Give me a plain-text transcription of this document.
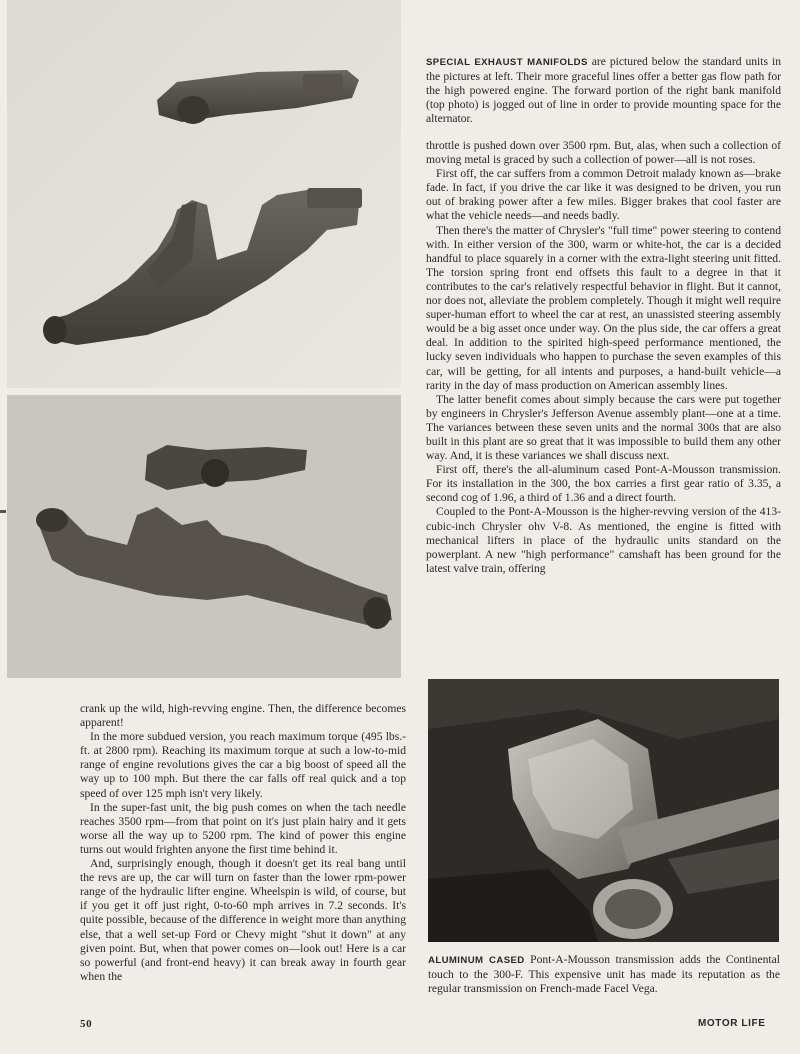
SPECIAL EXHAUST MANIFOLDS are pictured below the standard units in the pictures at left. Their more graceful lines offer a better gas flow path for the high powered engine. The forward portion of the right bank manifold (top photo) is jogged out of line in order to provide mounting space for the alternator.

throttle is pushed down over 3500 rpm. But, alas, when such a collection of moving metal is graced by such a collection of power—all is not roses.

First off, the car suffers from a common Detroit malady known as—brake fade. In fact, if you drive the car like it was designed to be driven, you run out of braking power after a few miles. Bigger brakes that cool faster are what the vehicle needs—and needs badly.

Then there's the matter of Chrysler's "full time" power steering to contend with. In either version of the 300, warm or white-hot, the car is a decided handful to place squarely in a corner with the extra-light steering unit fitted. The torsion spring front end offsets this fault to a degree in that it contributes to the car's relatively respectful behavior in flight. But it cannot, nor does not, alleviate the problem completely. Though it might well require super-human effort to wheel the car at rest, an unassisted steering assembly would be a big asset once under way. On the plus side, the car offers a great deal. In addition to the spirited high-speed performance mentioned, the lucky seven individuals who happen to purchase the seven examples of this car, will be getting, for all intents and purposes, a hand-built vehicle—a rarity in the day of mass production on American assembly lines.

The latter benefit comes about simply because the cars were put together by engineers in Chrysler's Jefferson Avenue assembly plant—one at a time. The variances between these seven units and the normal 300s that are also built in this plant are so great that it was impossible to build them any other way. And, it is these variances we shall discuss next.

First off, there's the all-aluminum cased Pont-A-Mousson transmission. For its installation in the 300, the box carries a first gear ratio of 3.35, a second cog of 1.96, a third of 1.36 and a direct fourth.

Coupled to the Pont-A-Mousson is the higher-revving version of the 413-cubic-inch Chrysler ohv V-8. As mentioned, the engine is fitted with mechanical lifters in place of the hydraulic units standard on the powerplant. A new "high performance" camshaft has been ground for the latest valve train, offering

crank up the wild, high-revving engine. Then, the difference becomes apparent!

In the more subdued version, you reach maximum torque (495 lbs.-ft. at 2800 rpm). Reaching its maximum torque at such a low-to-mid range of engine revolutions gives the car a big boost of speed all the way up to 100 mph. But there the car falls off real quick and a top speed of over 125 mph isn't very likely.

In the super-fast unit, the big push comes on when the tach needle reaches 3500 rpm—from that point on it's just plain hairy and it gets worse all the way up to 5200 rpm. The kind of power this engine turns out would frighten anyone the first time behind it.

And, surprisingly enough, though it doesn't get its real bang until the revs are up, the car will turn on faster than the lower rpm-power range of the hydraulic lifter engine. Wheelspin is wild, of course, but if you get it off just right, 0-to-60 mph arrives in 7.2 seconds. It's quite possible, because of the difference in weight more than anything else, that a well set-up Ford or Chevy might "shut it down" at any given point. But, when that power comes on—look out! Here is a car so powerful (and front-end heavy) it can break away in fourth gear when the

ALUMINUM CASED Pont-A-Mousson transmission adds the Continental touch to the 300-F. This expensive unit has made its reputation as the regular transmission on French-made Facel Vega.

50	MOTOR LIFE
